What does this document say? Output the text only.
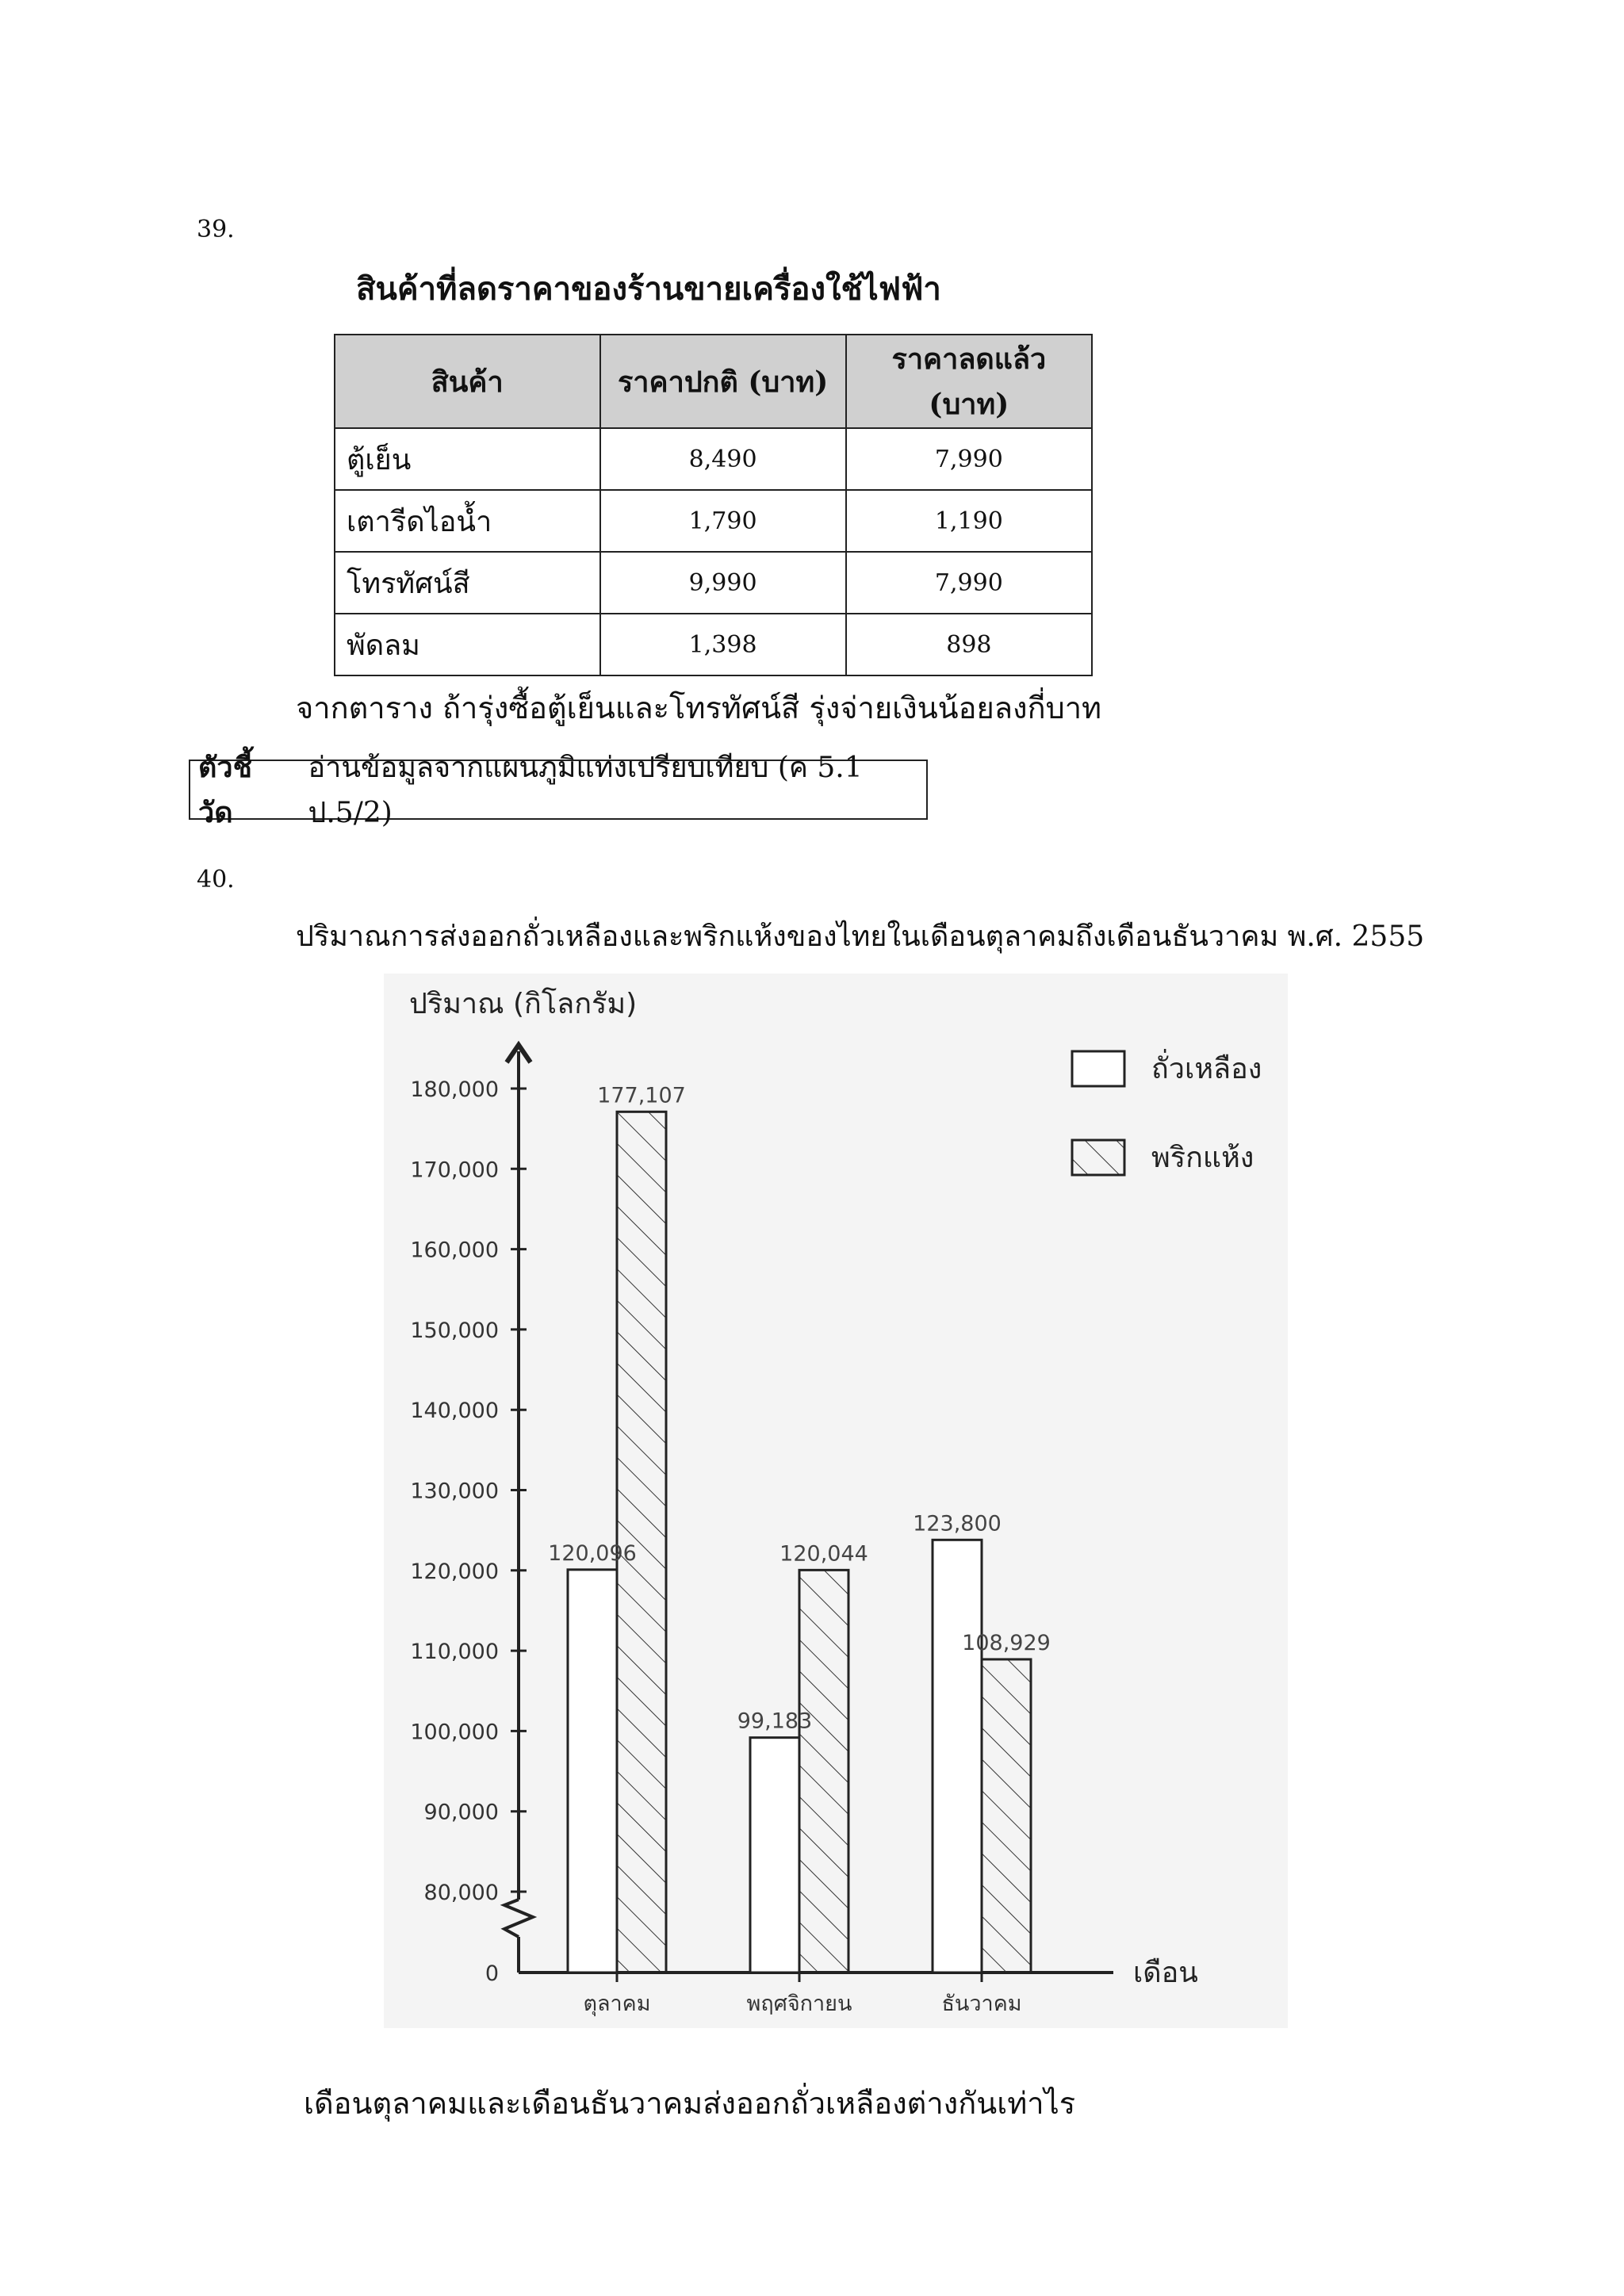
39.
สินค้าที่ลดราคาของร้านขายเครื่องใช้ไฟฟ้า
สินค้า	ราคาปกติ (บาท)	ราคาลดแล้ว (บาท)
ตู้เย็น	8,490	7,990
เตารีดไอน้ำ	1,790	1,190
โทรทัศน์สี	9,990	7,990
พัดลม	1,398	898
จากตาราง ถ้ารุ่งซื้อตู้เย็นและโทรทัศน์สี รุ่งจ่ายเงินน้อยลงกี่บาท
ตัวชี้วัด
อ่านข้อมูลจากแผนภูมิแท่งเปรียบเทียบ (ค 5.1 ป.5/2)
40.
ปริมาณการส่งออกถั่วเหลืองและพริกแห้งของไทยในเดือนตุลาคมถึงเดือนธันวาคม พ.ศ. 2555
ปริมาณ (กิโลกรัม)
เดือน
0
80,000
90,000
100,000
110,000
120,000
130,000
140,000
150,000
160,000
170,000
180,000
120,096
177,107
ตุลาคม
99,183
120,044
พฤศจิกายน
123,800
108,929
ธันวาคม
ถั่วเหลือง
พริกแห้ง
เดือนตุลาคมและเดือนธันวาคมส่งออกถั่วเหลืองต่างกันเท่าไร
